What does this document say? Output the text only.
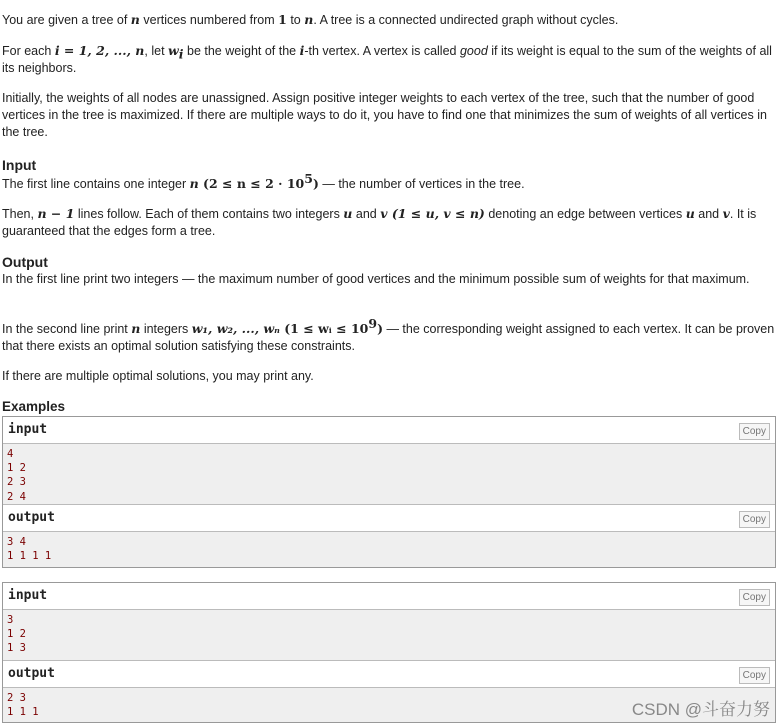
You are given a tree of n vertices numbered from 1 to n. A tree is a connected undirected graph without cycles.

For each i = 1, 2, ..., n, let $w_i$ be the weight of the i-th vertex. A vertex is called good if its weight is equal to the sum of the weights of all its neighbors.

Initially, the weights of all nodes are unassigned. Assign positive integer weights to each vertex of the tree, such that the number of good vertices in the tree is maximized. If there are multiple ways to do it, you have to find one that minimizes the sum of weights of all vertices in the tree.

Input

The first line contains one integer n $(2 \le n \le 2 \cdot 10^5)$ — the number of vertices in the tree.

Then, n − 1 lines follow. Each of them contains two integers u and v (1 ≤ u, v ≤ n) denoting an edge between vertices u and v. It is guaranteed that the edges form a tree.

Output

In the first line print two integers — the maximum number of good vertices and the minimum possible sum of weights for that maximum.

In the second line print n integers w₁, w₂, ..., wₙ (1 ≤ wᵢ ≤ $10^9$) — the corresponding weight assigned to each vertex. It can be proven that there exists an optimal solution satisfying these constraints.

If there are multiple optimal solutions, you may print any.

Examples

input	Copy
4
1 2
2 3
2 4
output	Copy
3 4
1 1 1 1
input	Copy
3
1 2
1 3
output	Copy
2 3
1 1 1	CSDN @斗奋力努
